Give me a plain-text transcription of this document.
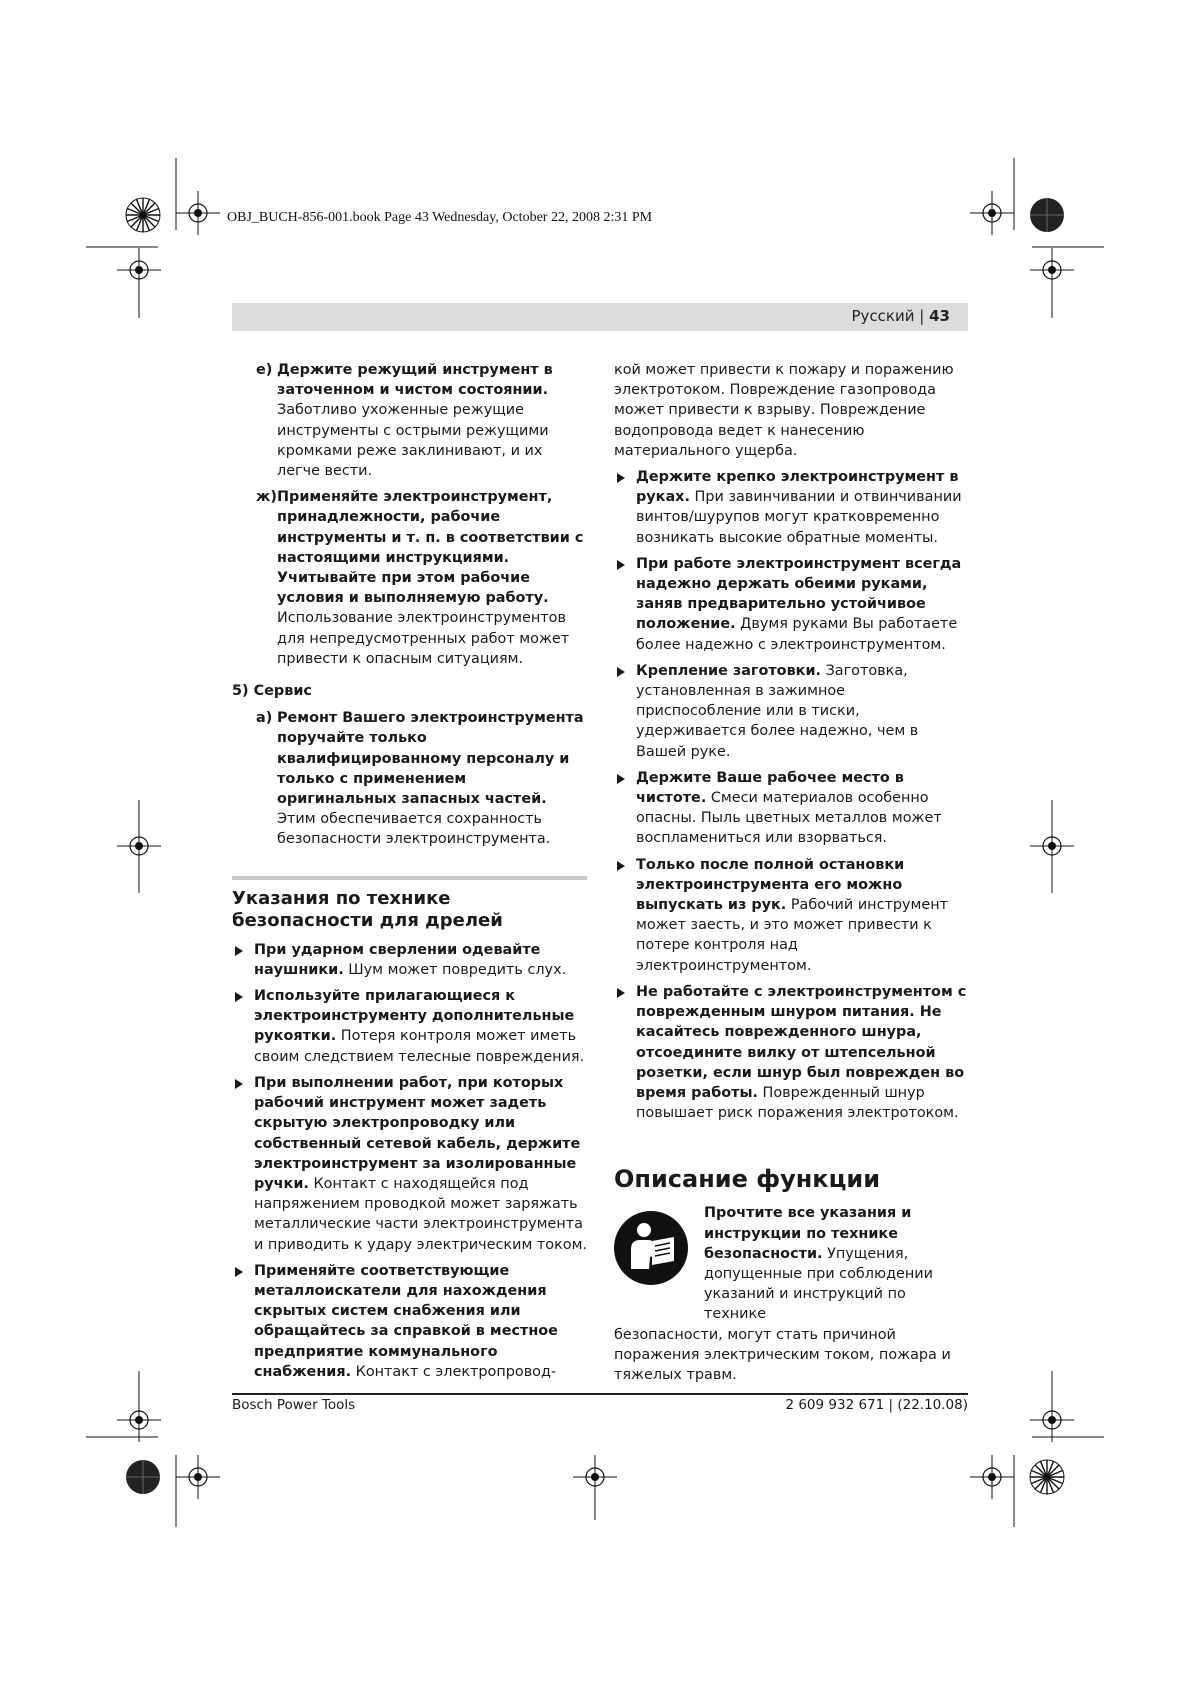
OBJ_BUCH-856-001.book Page 43 Wednesday, October 22, 2008 2:31 PM
Русский | 43
e) Держите режущий инструмент в заточенном и чистом состоянии. Заботливо ухоженные режущие инструменты с острыми режущими кромками реже заклинивают, и их легче вести.
ж) Применяйте электроинструмент, принадлежности, рабочие инструменты и т. п. в соответствии с настоящими инструкциями. Учитывайте при этом рабочие условия и выполняемую работу. Использование электроинструментов для непредусмотренных работ может привести к опасным ситуациям.
5) Сервис
a) Ремонт Вашего электроинструмента поручайте только квалифицированному персоналу и только с применением оригинальных запасных частей. Этим обеспечивается сохранность безопасности электроинструмента.
Указания по технике безопасности для дрелей
При ударном сверлении одевайте наушники. Шум может повредить слух.
Используйте прилагающиеся к электроинструменту дополнительные рукоятки. Потеря контроля может иметь своим следствием телесные повреждения.
При выполнении работ, при которых рабочий инструмент может задеть скрытую электропроводку или собственный сетевой кабель, держите электроинструмент за изолированные ручки. Контакт с находящейся под напряжением проводкой может заряжать металлические части электроинструмента и приводить к удару электрическим током.
Применяйте соответствующие металлоискатели для нахождения скрытых систем снабжения или обращайтесь за справкой в местное предприятие коммунального снабжения. Контакт с электропровод-
кой может привести к пожару и поражению электротоком. Повреждение газопровода может привести к взрыву. Повреждение водопровода ведет к нанесению материального ущерба.
Держите крепко электроинструмент в руках. При завинчивании и отвинчивании винтов/шурупов могут кратковременно возникать высокие обратные моменты.
При работе электроинструмент всегда надежно держать обеими руками, заняв предварительно устойчивое положение. Двумя руками Вы работаете более надежно с электроинструментом.
Крепление заготовки. Заготовка, установленная в зажимное приспособление или в тиски, удерживается более надежно, чем в Вашей руке.
Держите Ваше рабочее место в чистоте. Смеси материалов особенно опасны. Пыль цветных металлов может воспламениться или взорваться.
Только после полной остановки электроинструмента его можно выпускать из рук. Рабочий инструмент может заесть, и это может привести к потере контроля над электроинструментом.
Не работайте с электроинструментом с поврежденным шнуром питания. Не касайтесь поврежденного шнура, отсоедините вилку от штепсельной розетки, если шнур был поврежден во время работы. Поврежденный шнур повышает риск поражения электротоком.
Описание функции
Прочтите все указания и инструкции по технике безопасности. Упущения, допущенные при соблюдении указаний и инструкций по технике
безопасности, могут стать причиной поражения электрическим током, пожара и тяжелых травм.
Bosch Power Tools	2 609 932 671 | (22.10.08)
